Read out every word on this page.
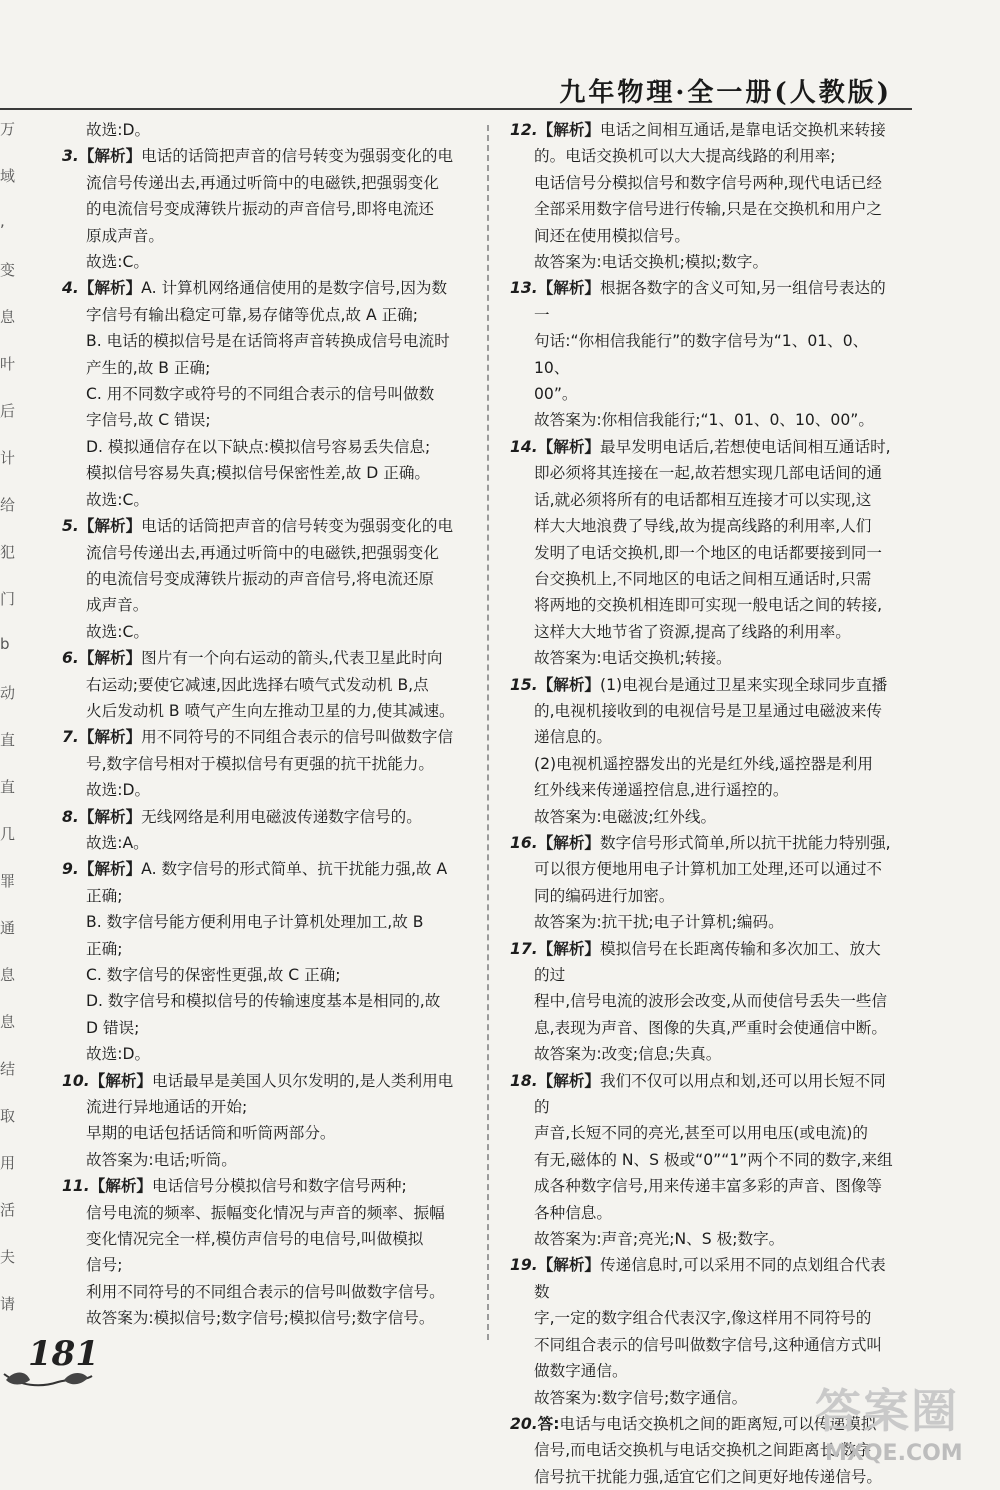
九年物理·全一册(人教版)
万
域
,
变
息
叶
后
计
给
犯
门
b
动
直
直
几
罪
通
息
息
结
取
用
活
夫
请

故选:D。

3.【解析】电话的话筒把声音的信号转变为强弱变化的电

流信号传递出去,再通过听筒中的电磁铁,把强弱变化

的电流信号变成薄铁片振动的声音信号,即将电流还

原成声音。

故选:C。

4.【解析】A. 计算机网络通信使用的是数字信号,因为数

字信号有输出稳定可靠,易存储等优点,故 A 正确;

B. 电话的模拟信号是在话筒将声音转换成信号电流时

产生的,故 B 正确;

C. 用不同数字或符号的不同组合表示的信号叫做数

字信号,故 C 错误;

D. 模拟通信存在以下缺点:模拟信号容易丢失信息;

模拟信号容易失真;模拟信号保密性差,故 D 正确。

故选:C。

5.【解析】电话的话筒把声音的信号转变为强弱变化的电

流信号传递出去,再通过听筒中的电磁铁,把强弱变化

的电流信号变成薄铁片振动的声音信号,将电流还原

成声音。

故选:C。

6.【解析】图片有一个向右运动的箭头,代表卫星此时向

右运动;要使它减速,因此选择右喷气式发动机 B,点

火后发动机 B 喷气产生向左推动卫星的力,使其减速。

7.【解析】用不同符号的不同组合表示的信号叫做数字信

号,数字信号相对于模拟信号有更强的抗干扰能力。

故选:D。

8.【解析】无线网络是利用电磁波传递数字信号的。

故选:A。

9.【解析】A. 数字信号的形式简单、抗干扰能力强,故 A

正确;

B. 数字信号能方便利用电子计算机处理加工,故 B

正确;

C. 数字信号的保密性更强,故 C 正确;

D. 数字信号和模拟信号的传输速度基本是相同的,故

D 错误;

故选:D。

10.【解析】电话最早是美国人贝尔发明的,是人类利用电

流进行异地通话的开始;

早期的电话包括话筒和听筒两部分。

故答案为:电话;听筒。

11.【解析】电话信号分模拟信号和数字信号两种;

信号电流的频率、振幅变化情况与声音的频率、振幅

变化情况完全一样,模仿声信号的电信号,叫做模拟

信号;

利用不同符号的不同组合表示的信号叫做数字信号。

故答案为:模拟信号;数字信号;模拟信号;数字信号。

12.【解析】电话之间相互通话,是靠电话交换机来转接

的。电话交换机可以大大提高线路的利用率;

电话信号分模拟信号和数字信号两种,现代电话已经

全部采用数字信号进行传输,只是在交换机和用户之

间还在使用模拟信号。

故答案为:电话交换机;模拟;数字。

13.【解析】根据各数字的含义可知,另一组信号表达的一

句话:“你相信我能行”的数字信号为“1、01、0、10、

00”。

故答案为:你相信我能行;“1、01、0、10、00”。

14.【解析】最早发明电话后,若想使电话间相互通话时,

即必须将其连接在一起,故若想实现几部电话间的通

话,就必须将所有的电话都相互连接才可以实现,这

样大大地浪费了导线,故为提高线路的利用率,人们

发明了电话交换机,即一个地区的电话都要接到同一

台交换机上,不同地区的电话之间相互通话时,只需

将两地的交换机相连即可实现一般电话之间的转接,

这样大大地节省了资源,提高了线路的利用率。

故答案为:电话交换机;转接。

15.【解析】(1)电视台是通过卫星来实现全球同步直播

的,电视机接收到的电视信号是卫星通过电磁波来传

递信息的。

(2)电视机遥控器发出的光是红外线,遥控器是利用

红外线来传递遥控信息,进行遥控的。

故答案为:电磁波;红外线。

16.【解析】数字信号形式简单,所以抗干扰能力特别强,

可以很方便地用电子计算机加工处理,还可以通过不

同的编码进行加密。

故答案为:抗干扰;电子计算机;编码。

17.【解析】模拟信号在长距离传输和多次加工、放大的过

程中,信号电流的波形会改变,从而使信号丢失一些信

息,表现为声音、图像的失真,严重时会使通信中断。

故答案为:改变;信息;失真。

18.【解析】我们不仅可以用点和划,还可以用长短不同的

声音,长短不同的亮光,甚至可以用电压(或电流)的

有无,磁体的 N、S 极或“0”“1”两个不同的数字,来组

成各种数字信号,用来传递丰富多彩的声音、图像等

各种信息。

故答案为:声音;亮光;N、S 极;数字。

19.【解析】传递信息时,可以采用不同的点划组合代表数

字,一定的数字组合代表汉字,像这样用不同符号的

不同组合表示的信号叫做数字信号,这种通信方式叫

做数字通信。

故答案为:数字信号;数字通信。

20.答:电话与电话交换机之间的距离短,可以传递模拟

信号,而电话交换机与电话交换机之间距离长,数字

信号抗干扰能力强,适宜它们之间更好地传递信号。

181
答案圈
MXQE.COM
